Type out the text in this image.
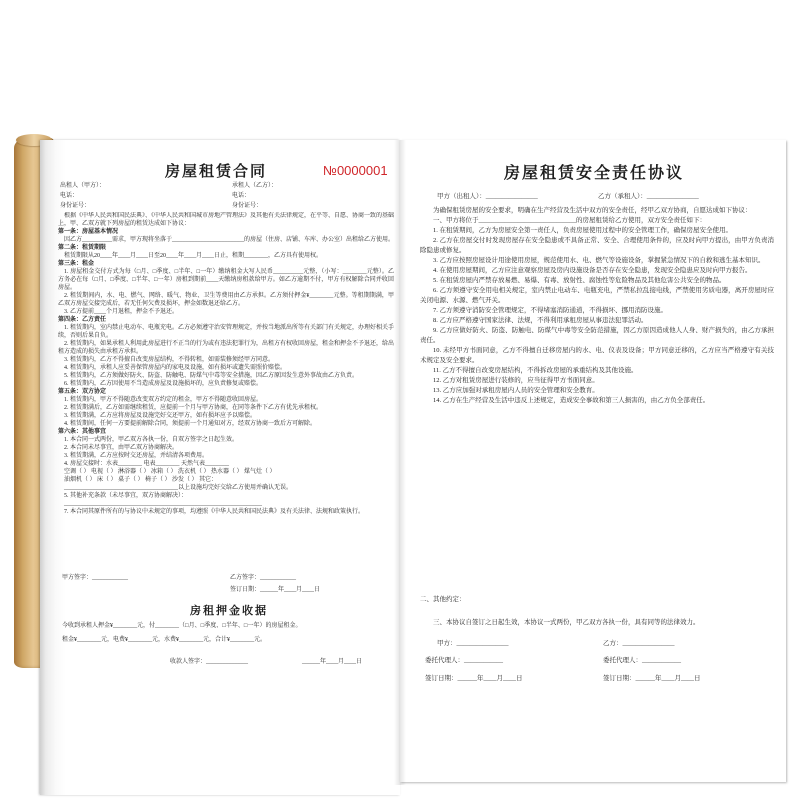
房屋租赁合同	№0000001
出租人（甲方）：	承租人（乙方）：
电话：	电话：
身份证号：	身份证号：

根据《中华人民共和国民法典》、《中华人民共和国城市房地产管理法》及其他有关法律规定，在平等、自愿、协商一致的基础上，甲、乙双方就下列房屋的租赁达成如下协议：

第一条：房屋基本情况

因乙方__________需求，甲方现将坐落于________________________的房屋（住房、店铺、车库、办公室）出租给乙方使用。

第二条：租赁期限

租赁期限从20____年____月____日至20____年____月____日止，租期________，乙方具有使用权。

第三条：租金

1. 房屋租金交付方式为每（□月、□季度、□半年、□一年）缴纳租金大写人民币__________元整，（小写：________元整）。乙方务必在每（□月、□季度、□半年、□一年）房租到期前____天缴纳房租款给甲方。如乙方逾期不付，甲方有权解除合同并收回房屋。

2. 租赁期间内，水、电、燃气、网络、暖气、物业、卫生等费用由乙方承担。乙方须付押金¥________元整。等租期期满，甲乙双方房屋交接完成后，若无任何欠费及损坏，押金如数退还给乙方。

3. 乙方提前____个月退租，押金不予退还。

第四条：乙方责任

1. 租赁期内，室内禁止电动车、电瓶充电。乙方必须遵守治安管理规定，并按当地派出所等有关部门有关规定，办理好相关手续，否则后果自负。

2. 租赁期内，如果承租人利用此房屋进行不正当的行为或有违法犯罪行为，出租方有权收回房屋，租金和押金不予退还，给出租方造成的损失由承租方承担。

3. 租赁期内，乙方不得擅自改变房屋结构，不得转租，如需装修须经甲方同意。

4. 租赁期内，承租人应妥善保管房屋内的家电及设施，如有损坏或遗失需照价赔偿。

5. 租赁期内，乙方须做好防火、防盗、防触电、防煤气中毒等安全措施，因乙方原因发生意外事故由乙方负责。

6. 租赁期内，乙方因使用不当造成房屋及设施损坏的，应负责修复或赔偿。

第五条：双方协定

1. 租赁期内，甲方不得随意改变双方约定的租金，甲方不得随意收回房屋。

2. 租赁期满后，乙方如需继续租赁，应提前一个月与甲方协商，在同等条件下乙方有优先承租权。

3. 租赁期满，乙方应将房屋及设施完好交还甲方，如有损坏应予以赔偿。

4. 租赁期间，任何一方要提前解除合同，须提前一个月通知对方，经双方协商一致后方可解除。

第六条：其他事宜

1. 本合同一式两份，甲乙双方各执一份，自双方签字之日起生效。

2. 本合同未尽事宜，由甲乙双方协商解决。

3. 租赁期满，乙方应按时交还房屋，并结清各项费用。

4. 房屋交接时：水表________ 电表________ 天然气表________

空调（ ） 电视（ ） 淋浴器（ ） 冰箱（ ） 洗衣机（ ） 热水器（ ） 煤气灶（ ）

油烟机（ ） 床（ ） 桌子（ ） 椅子（ ） 沙发（ ） 其它：

______________________________________以上设施均完好交给乙方使用并确认无误。

5. 其他补充条款（未尽事宜，双方协商解决）：

__________________________________________________________________

7. 本合同其原件所有的与协议中未规定的事项，均遵照《中华人民共和国民法典》及有关法律、法规和政策执行。

甲方签字：____________	乙方签字：____________
签订日期：______年____月____日
房租押金收据
今收到承租人押金¥________元，付________（□月、□季度、□半年、□一年）的房屋租金。
租金¥________元，电费¥________元，水费¥________元，合计¥________元。
收款人签字：______________	______年____月____日
房屋租赁安全责任协议
甲方（出租人）：________________	乙方（承租人）：________________

为确保租赁房屋的安全要求，明确在生产经营及生活中双方的安全责任，经甲乙双方协商，自愿达成如下协议：

一、甲方将位于______________________________的房屋租赁给乙方使用，双方安全责任如下：

1. 在租赁期间，乙方为房屋安全第一责任人，负责房屋使用过程中的安全管理工作，确保房屋安全使用。

2. 乙方在房屋交付时发现房屋存在安全隐患或不具备正常、安全、合理使用条件的，应及时向甲方提出，由甲方负责消除隐患或修复。

3. 乙方应按照房屋设计用途使用房屋，规范使用水、电、燃气等设施设备，掌握紧急情况下的自救和逃生基本知识。

4. 在使用房屋期间，乙方应注意观察房屋及房内设施设备是否存在安全隐患，发现安全隐患应及时向甲方报告。

5. 在租赁房屋内严禁存放易燃、易爆、有毒、放射性、腐蚀性等危险物品及其他危害公共安全的物品。

6. 乙方须遵守安全用电相关规定，室内禁止电动车、电瓶充电，严禁私拉乱接电线，严禁使用劣质电器，离开房屋时应关闭电源、水源、燃气开关。

7. 乙方须遵守消防安全管理规定，不得堵塞消防通道，不得损坏、挪用消防设施。

8. 乙方应严格遵守国家法律、法规，不得利用承租房屋从事违法犯罪活动。

9. 乙方应做好防火、防盗、防触电、防煤气中毒等安全防范措施，因乙方原因造成他人人身、财产损失的，由乙方承担责任。

10. 未经甲方书面同意，乙方不得擅自迁移房屋内的水、电、仪表及设备；甲方同意迁移的，乙方应当严格遵守有关技术规定及安全要求。

11. 乙方不得擅自改变房屋结构，不得拆改房屋的承重结构及其他设施。

12. 乙方对租赁房屋进行装修的，应当征得甲方书面同意。

13. 乙方应加强对承租房屋内人员的安全管理和安全教育。

14. 乙方在生产经营及生活中违反上述规定，造成安全事故和第三人损害的，由乙方负全部责任。

二、其他约定：
三、本协议自签订之日起生效，本协议一式两份，甲乙双方各执一份，具有同等的法律效力。
甲方：________________	乙方：________________
委托代理人：____________	委托代理人：____________
签订日期：______年____月____日	签订日期：______年____月____日
